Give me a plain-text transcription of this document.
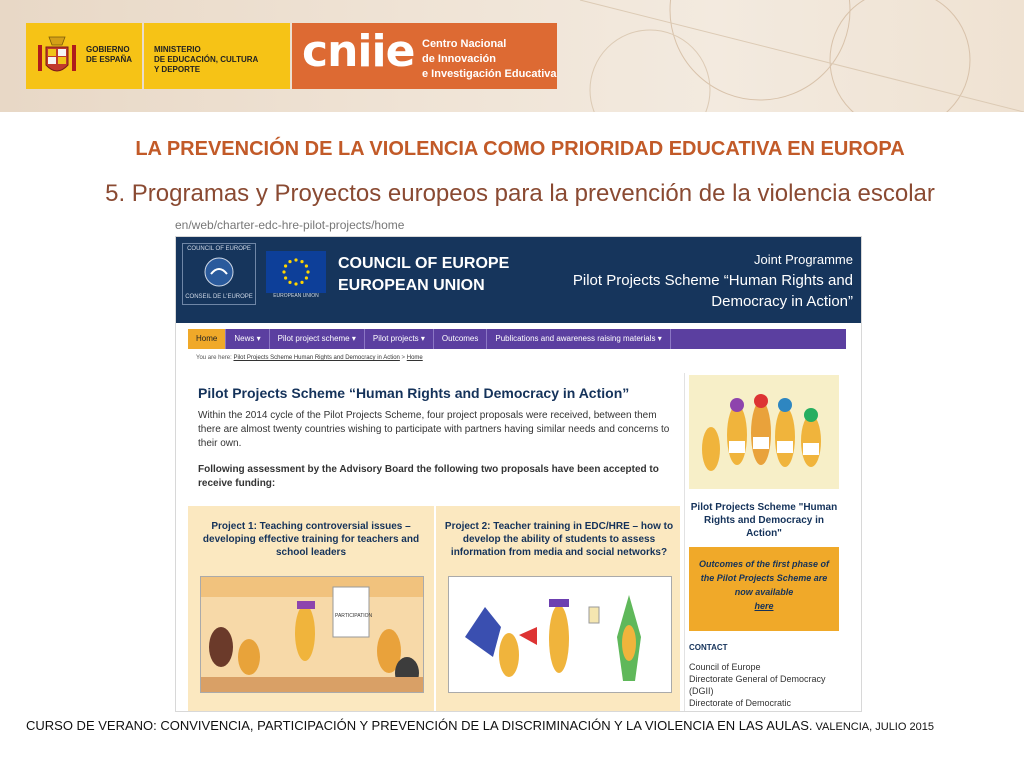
GOBIERNO
DE ESPAÑA
MINISTERIO
DE EDUCACIÓN, CULTURA
Y DEPORTE	cniie Centro Nacional
de Innovación
e Investigación Educativa
LA PREVENCIÓN DE LA VIOLENCIA COMO PRIORIDAD EDUCATIVA EN EUROPA
5. Programas y Proyectos europeos para la prevención de la violencia escolar
en/web/charter-edc-hre-pilot-projects/home
COUNCIL OF EUROPE
CONSEIL DE L'EUROPE	EUROPEAN UNION
COUNCIL OF EUROPE
EUROPEAN UNION
Joint Programme
Pilot Projects Scheme “Human Rights and
Democracy in Action”
Home	News ▾	Pilot project scheme ▾	Pilot projects ▾	Outcomes	Publications and awareness raising materials ▾
You are here: Pilot Projects Scheme Human Rights and Democracy in Action > Home
Pilot Projects Scheme “Human Rights and Democracy in Action”
Within the 2014 cycle of the Pilot Projects Scheme, four project proposals were received, between them there are almost twenty countries wishing to participate with partners having similar needs and concerns to their own.
Following assessment by the Advisory Board the following two proposals have been accepted to receive funding:
Project 1: Teaching controversial issues – developing effective training for teachers and school leaders
PARTICIPATION
Project 2: Teacher training in EDC/HRE – how to develop the ability of students to assess information from media and social networks?
Pilot Projects Scheme "Human Rights and Democracy in Action"
Outcomes of the first phase of the Pilot Projects Scheme are now available
here
CONTACT
Council of Europe
Directorate General of Democracy
(DGII)
Directorate of Democratic
CURSO DE VERANO: CONVIVENCIA, PARTICIPACIÓN Y PREVENCIÓN DE LA DISCRIMINACIÓN Y LA VIOLENCIA EN LAS AULAS. VALENCIA, JULIO 2015
